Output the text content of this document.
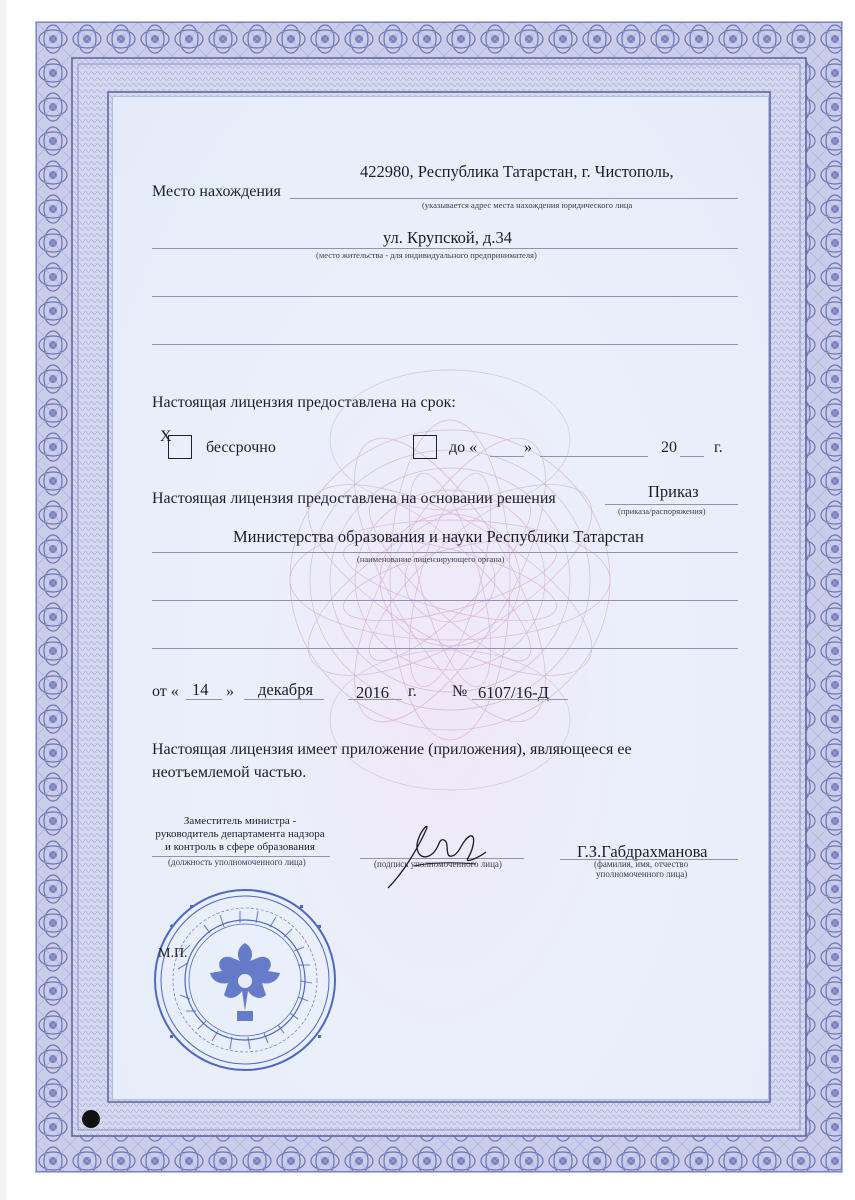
Место нахождения
422980, Республика Татарстан, г. Чистополь,
(указывается адрес места нахождения юридического лица
ул. Крупской, д.34
(место жительства - для индивидуального предпринимателя)
Настоящая лицензия предоставлена на срок:
X
бессрочно	до «	»	20 г.
Настоящая лицензия предоставлена на основании решения	Приказ
(приказа/распоряжения)
Министерства образования и науки Республики Татарстан
(наименование лицензирующего органа)
от « 14 » декабря	2016 г. № 6107/16-Д
Настоящая лицензия имеет приложение (приложения), являющееся ее
неотъемлемой частью.
Заместитель министра -
руководитель департамента надзора
и контроль в сфере образования
(должность уполномоченного лица)	(подпись уполномоченного лица)
Г.З.Габдрахманова
(фамилия, имя, отчество
уполномоченного лица)
М.П.
